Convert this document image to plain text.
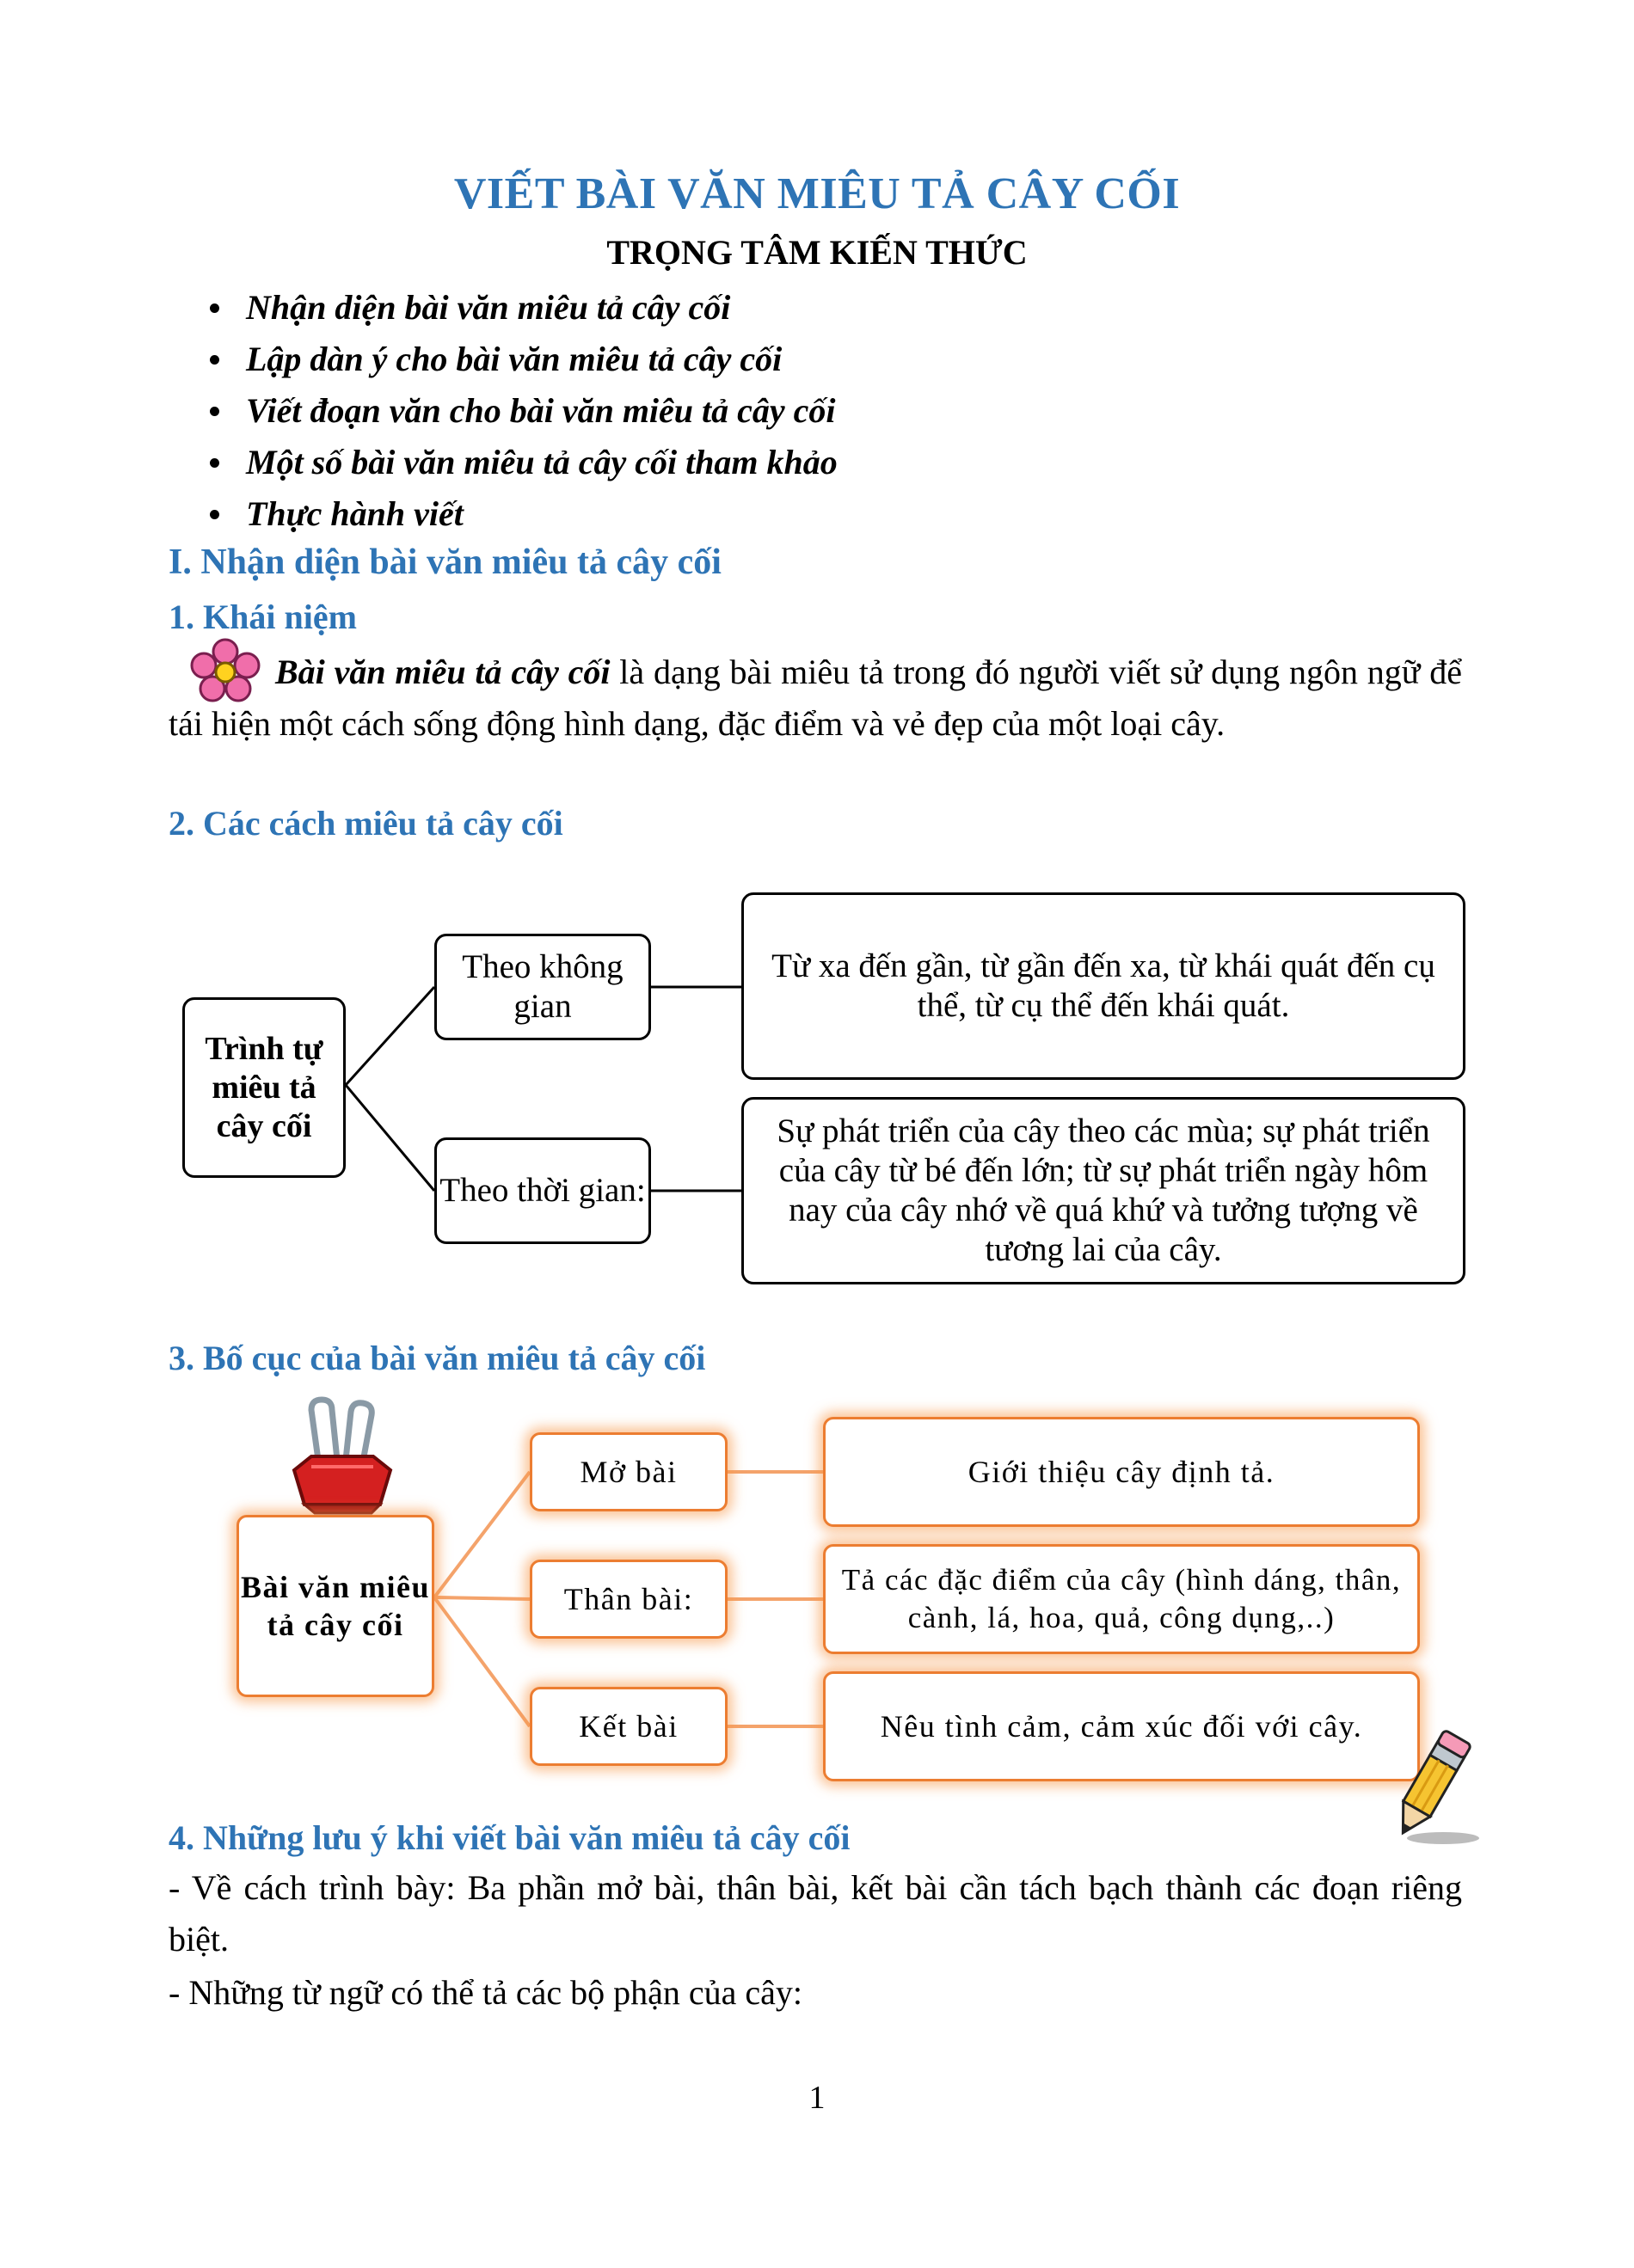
VIẾT BÀI VĂN MIÊU TẢ CÂY CỐI
TRỌNG TÂM KIẾN THỨC
Nhận diện bài văn miêu tả cây cối
Lập dàn ý cho bài văn miêu tả cây cối
Viết đoạn văn cho bài văn miêu tả cây cối
Một số bài văn miêu tả cây cối tham khảo
Thực hành viết
I. Nhận diện bài văn miêu tả cây cối
1. Khái niệm
Bài văn miêu tả cây cối là dạng bài miêu tả trong đó người viết sử dụng ngôn ngữ để tái hiện một cách sống động hình dạng, đặc điểm và vẻ đẹp của một loại cây.
2. Các cách miêu tả cây cối
Trình tự miêu tả cây cối
Theo không gian
Theo thời gian:
Từ xa đến gần, từ gần đến xa, từ khái quát đến cụ thể, từ cụ thể đến khái quát.
Sự phát triển của cây theo các mùa; sự phát triển của cây từ bé đến lớn; từ sự phát triển ngày hôm nay của cây nhớ về quá khứ và tưởng tượng về tương lai của cây.
3. Bố cục của bài văn miêu tả cây cối
Bài văn miêu tả cây cối
Mở bài
Thân bài:
Kết bài
Giới thiệu cây định tả.
Tả các đặc điểm của cây (hình dáng, thân, cành, lá, hoa, quả, công dụng,..)
Nêu tình cảm, cảm xúc đối với cây.
4. Những lưu ý khi viết bài văn miêu tả cây cối
- Về cách trình bày: Ba phần mở bài, thân bài, kết bài cần tách bạch thành các đoạn riêng biệt.
- Những từ ngữ có thể tả các bộ phận của cây:
1
